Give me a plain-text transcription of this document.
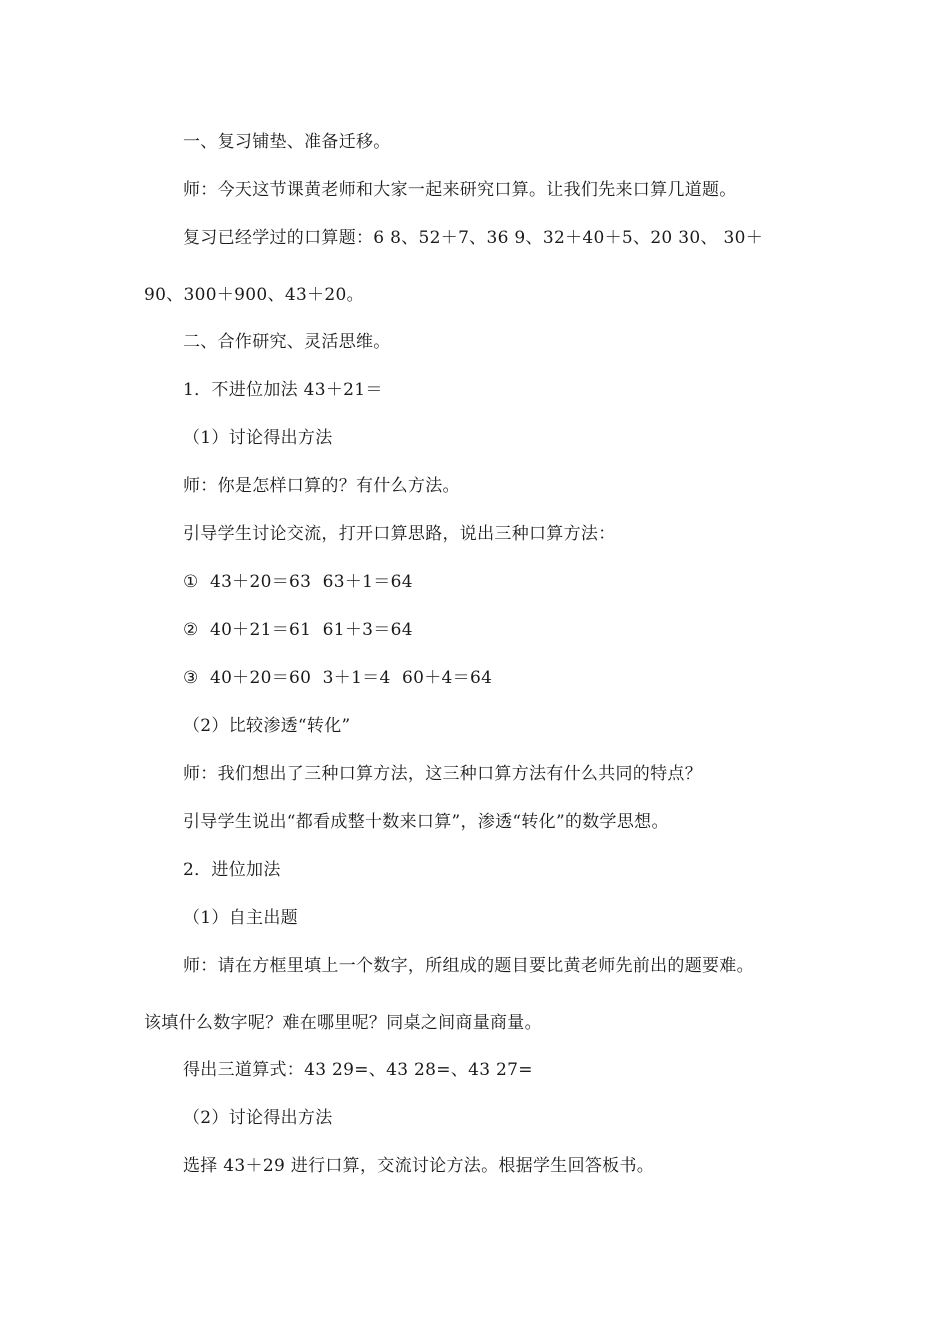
一、复习铺垫、准备迁移。
师：今天这节课黄老师和大家一起来研究口算。让我们先来口算几道题。
复习已经学过的口算题：6 8、52＋7、36 9、32＋40＋5、20 30、 30＋
90、300＋900、43＋20。
二、合作研究、灵活思维。
1．不进位加法 43＋21＝
（1）讨论得出方法
师：你是怎样口算的？有什么方法。
引导学生讨论交流，打开口算思路，说出三种口算方法：
①  43＋20＝63  63＋1＝64
②  40＋21＝61  61＋3＝64
③  40＋20＝60  3＋1＝4  60＋4＝64
（2）比较渗透“转化”
师：我们想出了三种口算方法，这三种口算方法有什么共同的特点？
引导学生说出“都看成整十数来口算”，渗透“转化”的数学思想。
2．进位加法
（1）自主出题
师：请在方框里填上一个数字，所组成的题目要比黄老师先前出的题要难。
该填什么数字呢？难在哪里呢？同桌之间商量商量。
得出三道算式：43 29=、43 28=、43 27=
（2）讨论得出方法
选择 43＋29 进行口算，交流讨论方法。根据学生回答板书。
